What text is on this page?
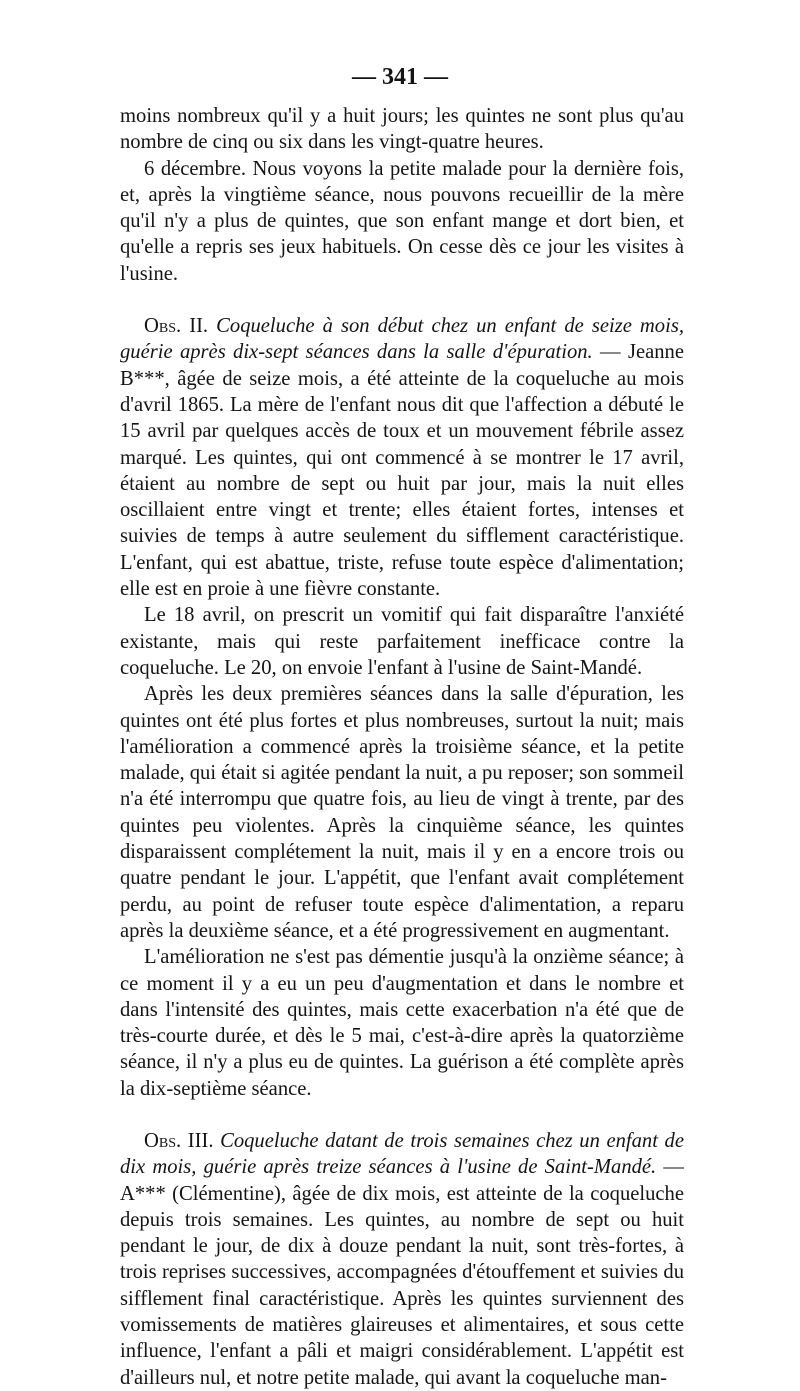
— 341 —

moins nombreux qu'il y a huit jours; les quintes ne sont plus qu'au nombre de cinq ou six dans les vingt-quatre heures.

6 décembre. Nous voyons la petite malade pour la dernière fois, et, après la vingtième séance, nous pouvons recueillir de la mère qu'il n'y a plus de quintes, que son enfant mange et dort bien, et qu'elle a repris ses jeux habituels. On cesse dès ce jour les visites à l'usine.

Obs. II. Coqueluche à son début chez un enfant de seize mois, guérie après dix-sept séances dans la salle d'épuration. — Jeanne B***, âgée de seize mois, a été atteinte de la coqueluche au mois d'avril 1865. La mère de l'enfant nous dit que l'affection a débuté le 15 avril par quelques accès de toux et un mouvement fébrile assez marqué. Les quintes, qui ont commencé à se montrer le 17 avril, étaient au nombre de sept ou huit par jour, mais la nuit elles oscillaient entre vingt et trente; elles étaient fortes, intenses et suivies de temps à autre seulement du sifflement caractéristique. L'enfant, qui est abattue, triste, refuse toute espèce d'alimentation; elle est en proie à une fièvre constante.

Le 18 avril, on prescrit un vomitif qui fait disparaître l'anxiété existante, mais qui reste parfaitement inefficace contre la coqueluche. Le 20, on envoie l'enfant à l'usine de Saint-Mandé.

Après les deux premières séances dans la salle d'épuration, les quintes ont été plus fortes et plus nombreuses, surtout la nuit; mais l'amélioration a commencé après la troisième séance, et la petite malade, qui était si agitée pendant la nuit, a pu reposer; son sommeil n'a été interrompu que quatre fois, au lieu de vingt à trente, par des quintes peu violentes. Après la cinquième séance, les quintes disparaissent complétement la nuit, mais il y en a encore trois ou quatre pendant le jour. L'appétit, que l'enfant avait complétement perdu, au point de refuser toute espèce d'alimentation, a reparu après la deuxième séance, et a été progressivement en augmentant.

L'amélioration ne s'est pas démentie jusqu'à la onzième séance; à ce moment il y a eu un peu d'augmentation et dans le nombre et dans l'intensité des quintes, mais cette exacerbation n'a été que de très-courte durée, et dès le 5 mai, c'est-à-dire après la quatorzième séance, il n'y a plus eu de quintes. La guérison a été complète après la dix-septième séance.

Obs. III. Coqueluche datant de trois semaines chez un enfant de dix mois, guérie après treize séances à l'usine de Saint-Mandé. — A*** (Clémentine), âgée de dix mois, est atteinte de la coqueluche depuis trois semaines. Les quintes, au nombre de sept ou huit pendant le jour, de dix à douze pendant la nuit, sont très-fortes, à trois reprises successives, accompagnées d'étouffement et suivies du sifflement final caractéristique. Après les quintes surviennent des vomissements de matières glaireuses et alimentaires, et sous cette influence, l'enfant a pâli et maigri considérablement. L'appétit est d'ailleurs nul, et notre petite malade, qui avant la coqueluche man-
